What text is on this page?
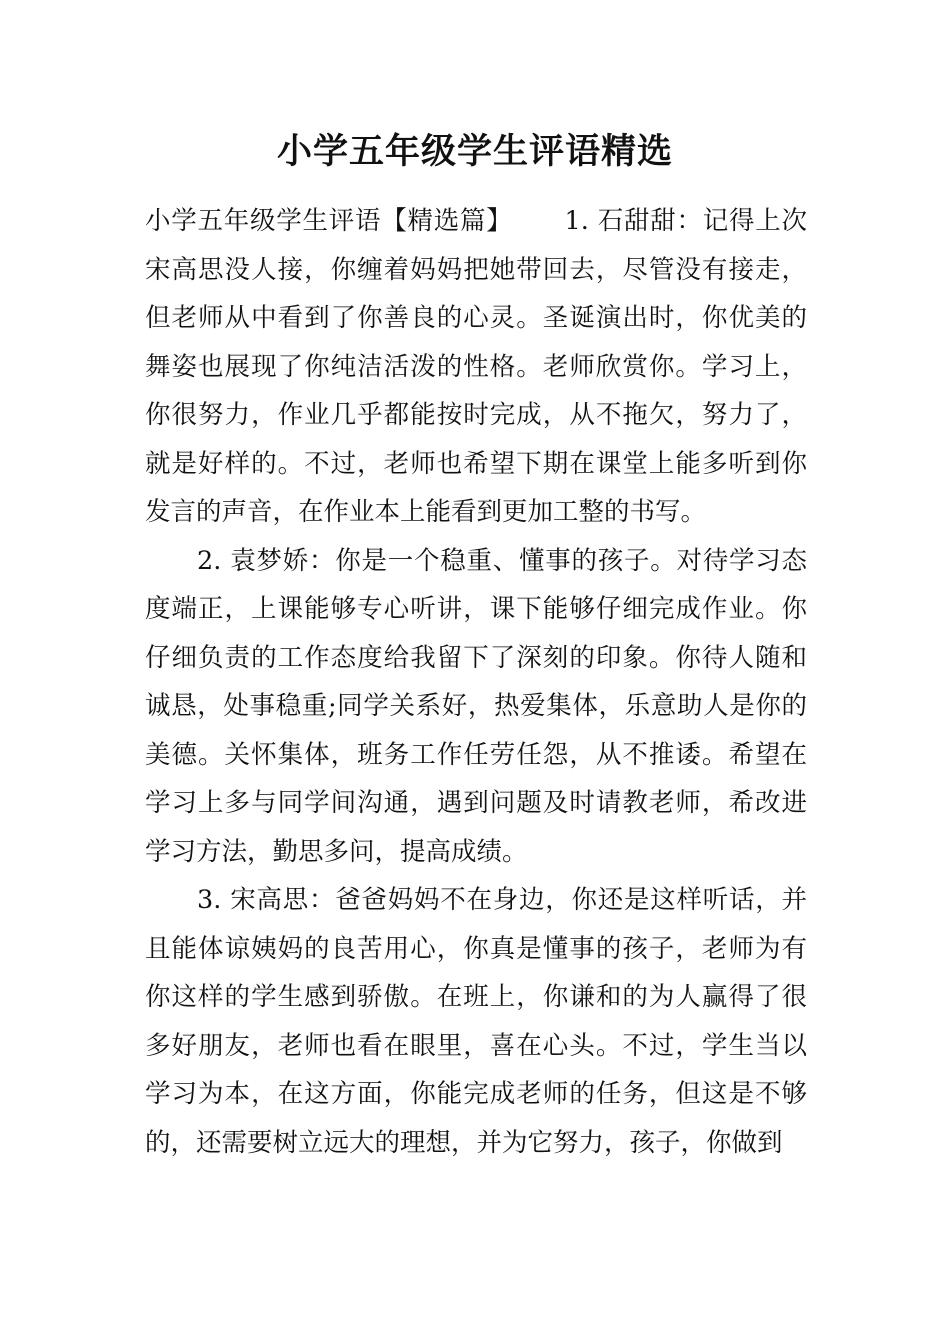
小学五年级学生评语精选

小学五年级学生评语【精选篇】 1. 石甜甜：记得上次宋高思没人接，你缠着妈妈把她带回去，尽管没有接走，但老师从中看到了你善良的心灵。圣诞演出时，你优美的舞姿也展现了你纯洁活泼的性格。老师欣赏你。学习上，你很努力，作业几乎都能按时完成，从不拖欠，努力了，就是好样的。不过，老师也希望下期在课堂上能多听到你发言的声音，在作业本上能看到更加工整的书写。

2. 袁梦娇：你是一个稳重、懂事的孩子。对待学习态度端正，上课能够专心听讲，课下能够仔细完成作业。你仔细负责的工作态度给我留下了深刻的印象。你待人随和诚恳，处事稳重;同学关系好，热爱集体，乐意助人是你的美德。关怀集体，班务工作任劳任怨，从不推诿。希望在学习上多与同学间沟通，遇到问题及时请教老师，希改进学习方法，勤思多问，提高成绩。

3. 宋高思：爸爸妈妈不在身边，你还是这样听话，并且能体谅姨妈的良苦用心，你真是懂事的孩子，老师为有你这样的学生感到骄傲。在班上，你谦和的为人赢得了很多好朋友，老师也看在眼里，喜在心头。不过，学生当以学习为本，在这方面，你能完成老师的任务，但这是不够的，还需要树立远大的理想，并为它努力，孩子，你做到
